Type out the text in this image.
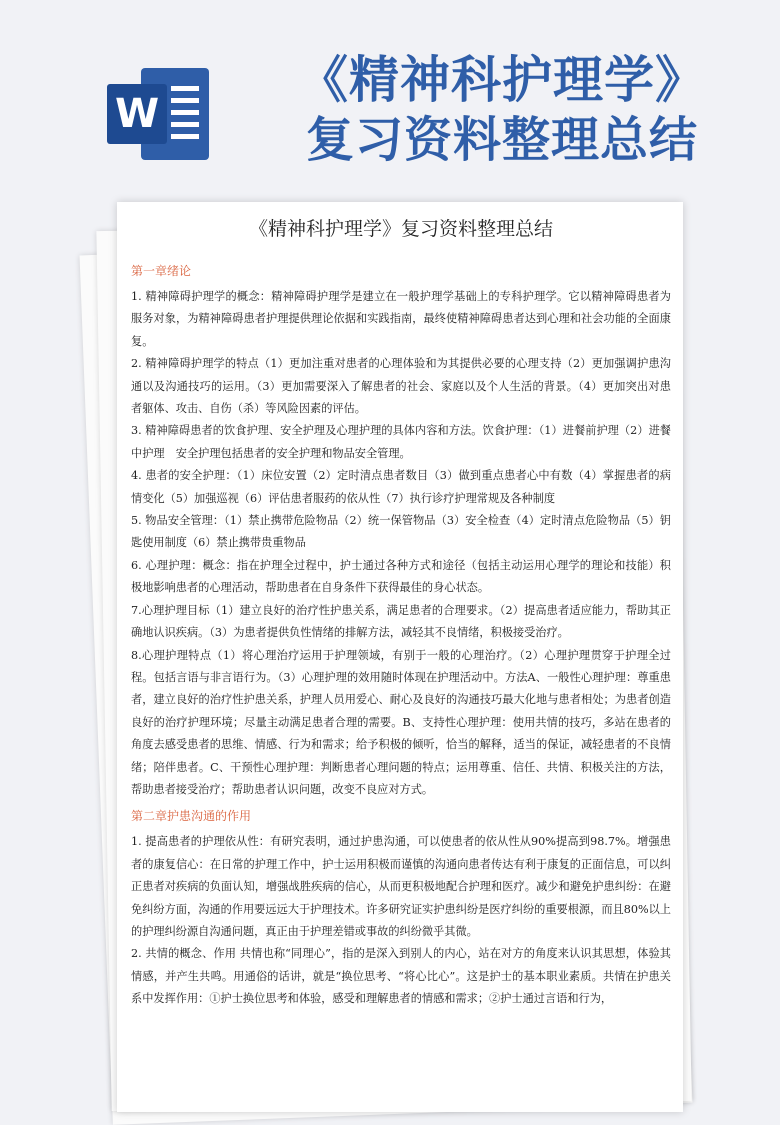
W
《精神科护理学》
复习资料整理总结
《精神科护理学》复习资料整理总结
第一章绪论

1. 精神障碍护理学的概念：精神障碍护理学是建立在一般护理学基础上的专科护理学。它以精神障碍患者为服务对象，为精神障碍患者护理提供理论依据和实践指南，最终使精神障碍患者达到心理和社会功能的全面康复。

2. 精神障碍护理学的特点（1）更加注重对患者的心理体验和为其提供必要的心理支持（2）更加强调护患沟通以及沟通技巧的运用。（3）更加需要深入了解患者的社会、家庭以及个人生活的背景。（4）更加突出对患者躯体、攻击、自伤（杀）等风险因素的评估。

3. 精神障碍患者的饮食护理、安全护理及心理护理的具体内容和方法。饮食护理：（1）进餐前护理（2）进餐中护理　安全护理包括患者的安全护理和物品安全管理。

4. 患者的安全护理：（1）床位安置（2）定时清点患者数目（3）做到重点患者心中有数（4）掌握患者的病情变化（5）加强巡视（6）评估患者服药的依从性（7）执行诊疗护理常规及各种制度

5. 物品安全管理：（1）禁止携带危险物品（2）统一保管物品（3）安全检查（4）定时清点危险物品（5）钥匙使用制度（6）禁止携带贵重物品

6. 心理护理：概念：指在护理全过程中，护士通过各种方式和途径（包括主动运用心理学的理论和技能）积极地影响患者的心理活动，帮助患者在自身条件下获得最佳的身心状态。

7.心理护理目标（1）建立良好的治疗性护患关系，满足患者的合理要求。（2）提高患者适应能力，帮助其正确地认识疾病。（3）为患者提供负性情绪的排解方法，减轻其不良情绪，积极接受治疗。

8.心理护理特点（1）将心理治疗运用于护理领域，有别于一般的心理治疗。（2）心理护理贯穿于护理全过程。包括言语与非言语行为。（3）心理护理的效用随时体现在护理活动中。方法A、一般性心理护理：尊重患者，建立良好的治疗性护患关系，护理人员用爱心、耐心及良好的沟通技巧最大化地与患者相处；为患者创造良好的治疗护理环境；尽量主动满足患者合理的需要。B、支持性心理护理：使用共情的技巧，多站在患者的角度去感受患者的思维、情感、行为和需求；给予积极的倾听，恰当的解释，适当的保证，减轻患者的不良情绪；陪伴患者。C、干预性心理护理：判断患者心理问题的特点；运用尊重、信任、共情、积极关注的方法，帮助患者接受治疗；帮助患者认识问题，改变不良应对方式。

第二章护患沟通的作用

1. 提高患者的护理依从性：有研究表明，通过护患沟通，可以使患者的依从性从90%提高到98.7%。增强患者的康复信心：在日常的护理工作中，护士运用积极而谨慎的沟通向患者传达有利于康复的正面信息，可以纠正患者对疾病的负面认知，增强战胜疾病的信心，从而更积极地配合护理和医疗。减少和避免护患纠纷：在避免纠纷方面，沟通的作用要远远大于护理技术。许多研究证实护患纠纷是医疗纠纷的重要根源，而且80%以上的护理纠纷源自沟通问题，真正由于护理差错或事故的纠纷微乎其微。

2. 共情的概念、作用 共情也称“同理心”，指的是深入到别人的内心，站在对方的角度来认识其思想，体验其情感，并产生共鸣。用通俗的话讲，就是“换位思考、“将心比心”。这是护士的基本职业素质。共情在护患关系中发挥作用：①护士换位思考和体验，感受和理解患者的情感和需求；②护士通过言语和行为，
